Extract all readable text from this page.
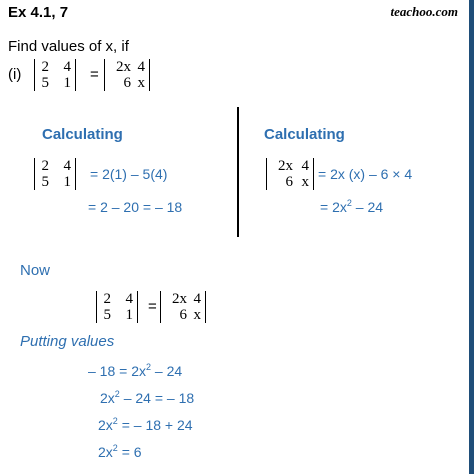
Ex 4.1, 7	teachoo.com
Find values of x, if
(i) 2 4
5 1 =	2x 4
6 x
Calculating
2 4
5 1 = 2(1) – 5(4)
= 2 – 20 = – 18
Calculating
2x 4
6 x = 2x (x) – 6 × 4
= $2x^2 - 24$
Now
2 4
5 1 =	2x 4
6 x
Putting values
– $18 = 2x^2 - 24$
$2x^2 - 24$ = – 18
$2x^2$ = – 18 + 24
$2x^2 = 6$
